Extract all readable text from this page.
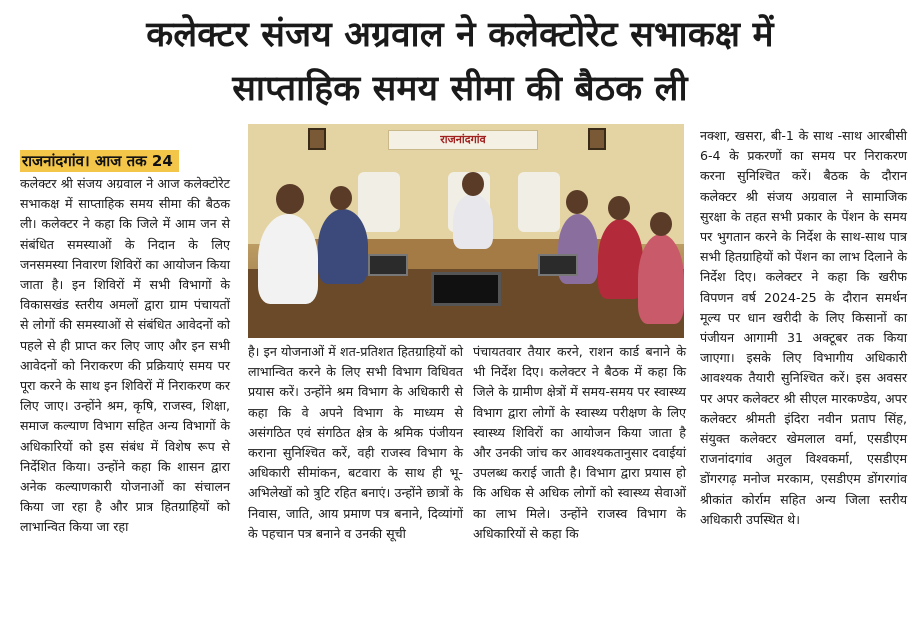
कलेक्टर संजय अग्रवाल ने कलेक्टोरेट सभाकक्ष में
साप्ताहिक समय सीमा की बैठक ली
राजनांदगांव। आज तक 24
कलेक्टर श्री संजय अग्रवाल ने आज कलेक्टोरेट सभाकक्ष में साप्ताहिक समय सीमा की बैठक ली। कलेक्टर ने कहा कि जिले में आम जन से संबंधित समस्याओं के निदान के लिए जनसमस्या निवारण शिविरों का आयोजन किया जाता है। इन शिविरों में सभी विभागों के विकासखंड स्तरीय अमलों द्वारा ग्राम पंचायतों से लोगों की समस्याओं से संबंधित आवेदनों को पहले से ही प्राप्त कर लिए जाए और इन सभी आवेदनों को निराकरण की प्रक्रियाएं समय पर पूरा करने के साथ इन शिविरों में निराकरण कर लिए जाए। उन्होंने श्रम, कृषि, राजस्व, शिक्षा, समाज कल्याण विभाग सहित अन्य विभागों के अधिकारियों को इस संबंध में विशेष रूप से निर्देशित किया। उन्होंने कहा कि शासन द्वारा अनेक कल्याणकारी योजनाओं का संचालन किया जा रहा है और प्रात्र हितग्राहियों को लाभान्वित किया जा रहा
राजनांदगांव
है। इन योजनाओं में शत-प्रतिशत हितग्राहियों को लाभान्वित करने के लिए सभी विभाग विधिवत प्रयास करें। उन्होंने श्रम विभाग के अधिकारी से कहा कि वे अपने विभाग के माध्यम से असंगठित एवं संगठित क्षेत्र के श्रमिक पंजीयन कराना सुनिश्चित करें, वही राजस्व विभाग के अधिकारी सीमांकन, बटवारा के साथ ही भू-अभिलेखों को त्रुटि रहित बनाएं। उन्होंने छात्रों के निवास, जाति, आय प्रमाण पत्र बनाने, दिव्यांगों के पहचान पत्र बनाने व उनकी सूची
पंचायतवार तैयार करने, राशन कार्ड बनाने के भी निर्देश दिए। कलेक्टर ने बैठक में कहा कि जिले के ग्रामीण क्षेत्रों में समय-समय पर स्वास्थ्य विभाग द्वारा लोगों के स्वास्थ्य परीक्षण के लिए स्वास्थ्य शिविरों का आयोजन किया जाता है और उनकी जांच कर आवश्यकतानुसार दवाईयां उपलब्ध कराई जाती है। विभाग द्वारा प्रयास हो कि अधिक से अधिक लोगों को स्वास्थ्य सेवाओं का लाभ मिले। उन्होंने राजस्व विभाग के अधिकारियों से कहा कि
नक्शा, खसरा, बी-1 के साथ -साथ आरबीसी 6-4 के प्रकरणों का समय पर निराकरण करना सुनिश्चित करें। बैठक के दौरान कलेक्टर श्री संजय अग्रवाल ने सामाजिक सुरक्षा के तहत सभी प्रकार के पेंशन के समय पर भुगतान करने के निर्देश के साथ-साथ पात्र सभी हितग्राहियों को पेंशन का लाभ दिलाने के निर्देश दिए। कलेक्टर ने कहा कि खरीफ विपणन वर्ष 2024-25 के दौरान समर्थन मूल्य पर धान खरीदी के लिए किसानों का पंजीयन आगामी 31 अक्टूबर तक किया जाएगा। इसके लिए विभागीय अधिकारी आवश्यक तैयारी सुनिश्चित करें। इस अवसर पर अपर कलेक्टर श्री सीएल मारकण्डेय, अपर कलेक्टर श्रीमती इंदिरा नवीन प्रताप सिंह, संयुक्त कलेक्टर खेमलाल वर्मा, एसडीएम राजनांदगांव अतुल विश्वकर्मा, एसडीएम डोंगरगढ़ मनोज मरकाम, एसडीएम डोंगरगांव श्रीकांत कोर्राम सहित अन्य जिला स्तरीय अधिकारी उपस्थित थे।
